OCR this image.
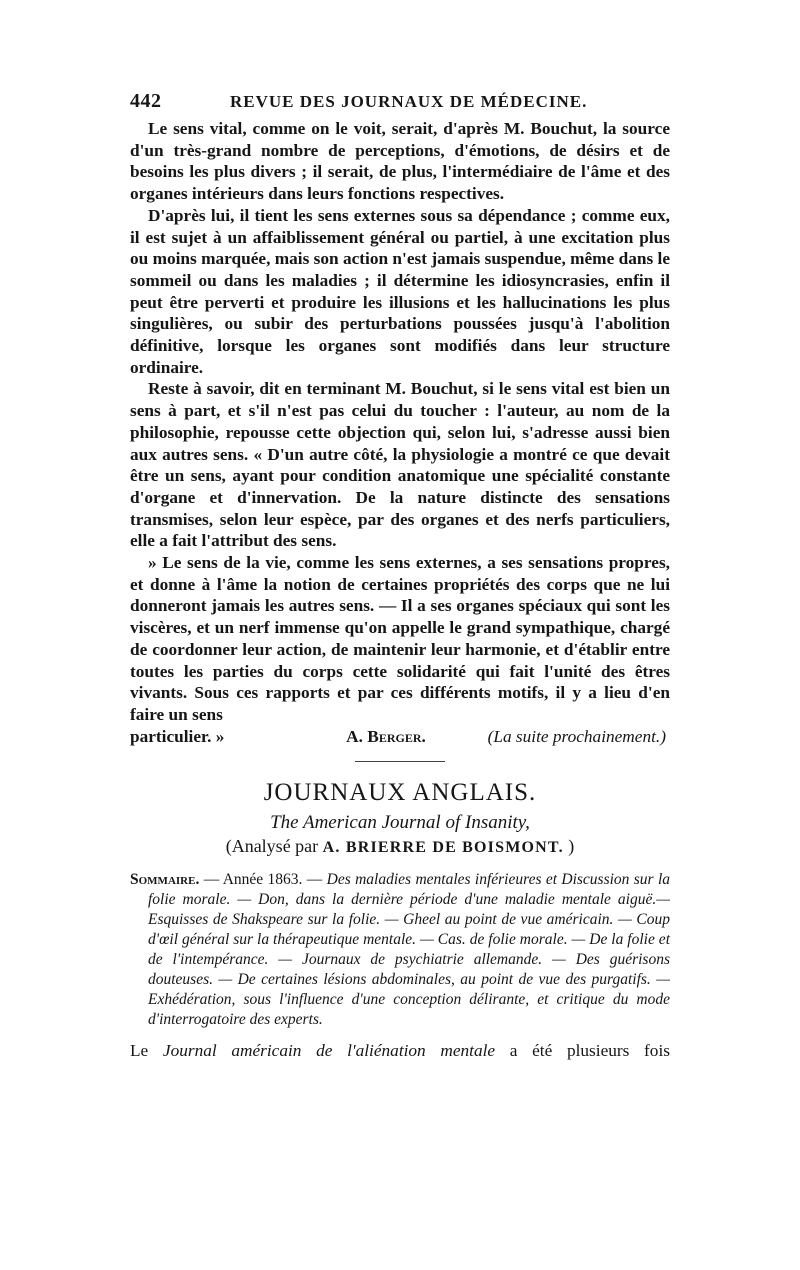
442	REVUE DES JOURNAUX DE MÉDECINE.

Le sens vital, comme on le voit, serait, d'après M. Bouchut, la source d'un très-grand nombre de perceptions, d'émotions, de désirs et de besoins les plus divers ; il serait, de plus, l'intermédiaire de l'âme et des organes intérieurs dans leurs fonctions respectives.

D'après lui, il tient les sens externes sous sa dépendance ; comme eux, il est sujet à un affaiblissement général ou partiel, à une excitation plus ou moins marquée, mais son action n'est jamais suspendue, même dans le sommeil ou dans les maladies ; il détermine les idiosyncrasies, enfin il peut être perverti et produire les illusions et les hallucinations les plus singulières, ou subir des perturbations poussées jusqu'à l'abolition définitive, lorsque les organes sont modifiés dans leur structure ordinaire.

Reste à savoir, dit en terminant M. Bouchut, si le sens vital est bien un sens à part, et s'il n'est pas celui du toucher : l'auteur, au nom de la philosophie, repousse cette objection qui, selon lui, s'adresse aussi bien aux autres sens. « D'un autre côté, la physiologie a montré ce que devait être un sens, ayant pour condition anatomique une spécialité constante d'organe et d'innervation. De la nature distincte des sensations transmises, selon leur espèce, par des organes et des nerfs particuliers, elle a fait l'attribut des sens.

» Le sens de la vie, comme les sens externes, a ses sensations propres, et donne à l'âme la notion de certaines propriétés des corps que ne lui donneront jamais les autres sens. — Il a ses organes spéciaux qui sont les viscères, et un nerf immense qu'on appelle le grand sympathique, chargé de coordonner leur action, de maintenir leur harmonie, et d'établir entre toutes les parties du corps cette solidarité qui fait l'unité des êtres vivants. Sous ces rapports et par ces différents motifs, il y a lieu d'en faire un sens

particulier. »	A. Berger.	(La suite prochainement.)
JOURNAUX ANGLAIS.
The American Journal of Insanity,
(Analysé par A. BRIERRE DE BOISMONT. )
Sommaire. — Année 1863. — Des maladies mentales inférieures et Discussion sur la folie morale. — Don, dans la dernière période d'une maladie mentale aiguë.— Esquisses de Shakspeare sur la folie. — Gheel au point de vue américain. — Coup d'œil général sur la thérapeutique mentale. — Cas. de folie morale. — De la folie et de l'intempérance. — Journaux de psychiatrie allemande. — Des guérisons douteuses. — De certaines lésions abdominales, au point de vue des purgatifs. — Exhédération, sous l'influence d'une conception délirante, et critique du mode d'interrogatoire des experts.
Le Journal américain de l'aliénation mentale a été plusieurs fois
